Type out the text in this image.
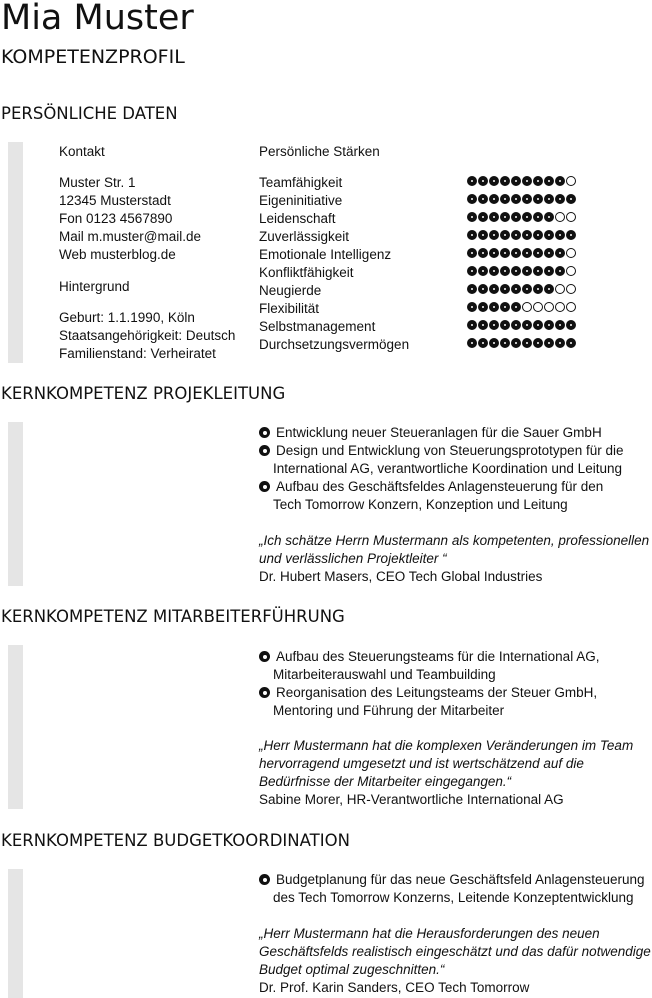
Mia Muster
KOMPETENZPROFIL
PERSÖNLICHE DATEN
Kontakt
Muster Str. 1
12345 Musterstadt
Fon 0123 4567890
Mail m.muster@mail.de
Web musterblog.de
Hintergrund
Geburt: 1.1.1990, Köln
Staatsangehörigkeit: Deutsch
Familienstand: Verheiratet
Persönliche Stärken
Teamfähigkeit
Eigeninitiative
Leidenschaft
Zuverlässigkeit
Emotionale Intelligenz
Konfliktfähigkeit
Neugierde
Flexibilität
Selbstmanagement
Durchsetzungsvermögen
KERNKOMPETENZ PROJEKLEITUNG
Entwicklung neuer Steueranlagen für die Sauer GmbH
Design und Entwicklung von Steuerungsprototypen für die
International AG, verantwortliche Koordination und Leitung
Aufbau des Geschäftsfeldes Anlagensteuerung für den
Tech Tomorrow Konzern, Konzeption und Leitung
„Ich schätze Herrn Mustermann als kompetenten, professionellen
und verlässlichen Projektleiter “
Dr. Hubert Masers, CEO Tech Global Industries
KERNKOMPETENZ MITARBEITERFÜHRUNG
Aufbau des Steuerungsteams für die International AG,
Mitarbeiterauswahl und Teambuilding
Reorganisation des Leitungsteams der Steuer GmbH,
Mentoring und Führung der Mitarbeiter
„Herr Mustermann hat die komplexen Veränderungen im Team
hervorragend umgesetzt und ist wertschätzend auf die
Bedürfnisse der Mitarbeiter eingegangen.“
Sabine Morer, HR-Verantwortliche International AG
KERNKOMPETENZ BUDGETKOORDINATION
Budgetplanung für das neue Geschäftsfeld Anlagensteuerung
des Tech Tomorrow Konzerns, Leitende Konzeptentwicklung
„Herr Mustermann hat die Herausforderungen des neuen
Geschäftsfelds realistisch eingeschätzt und das dafür notwendige
Budget optimal zugeschnitten.“
Dr. Prof. Karin Sanders, CEO Tech Tomorrow
